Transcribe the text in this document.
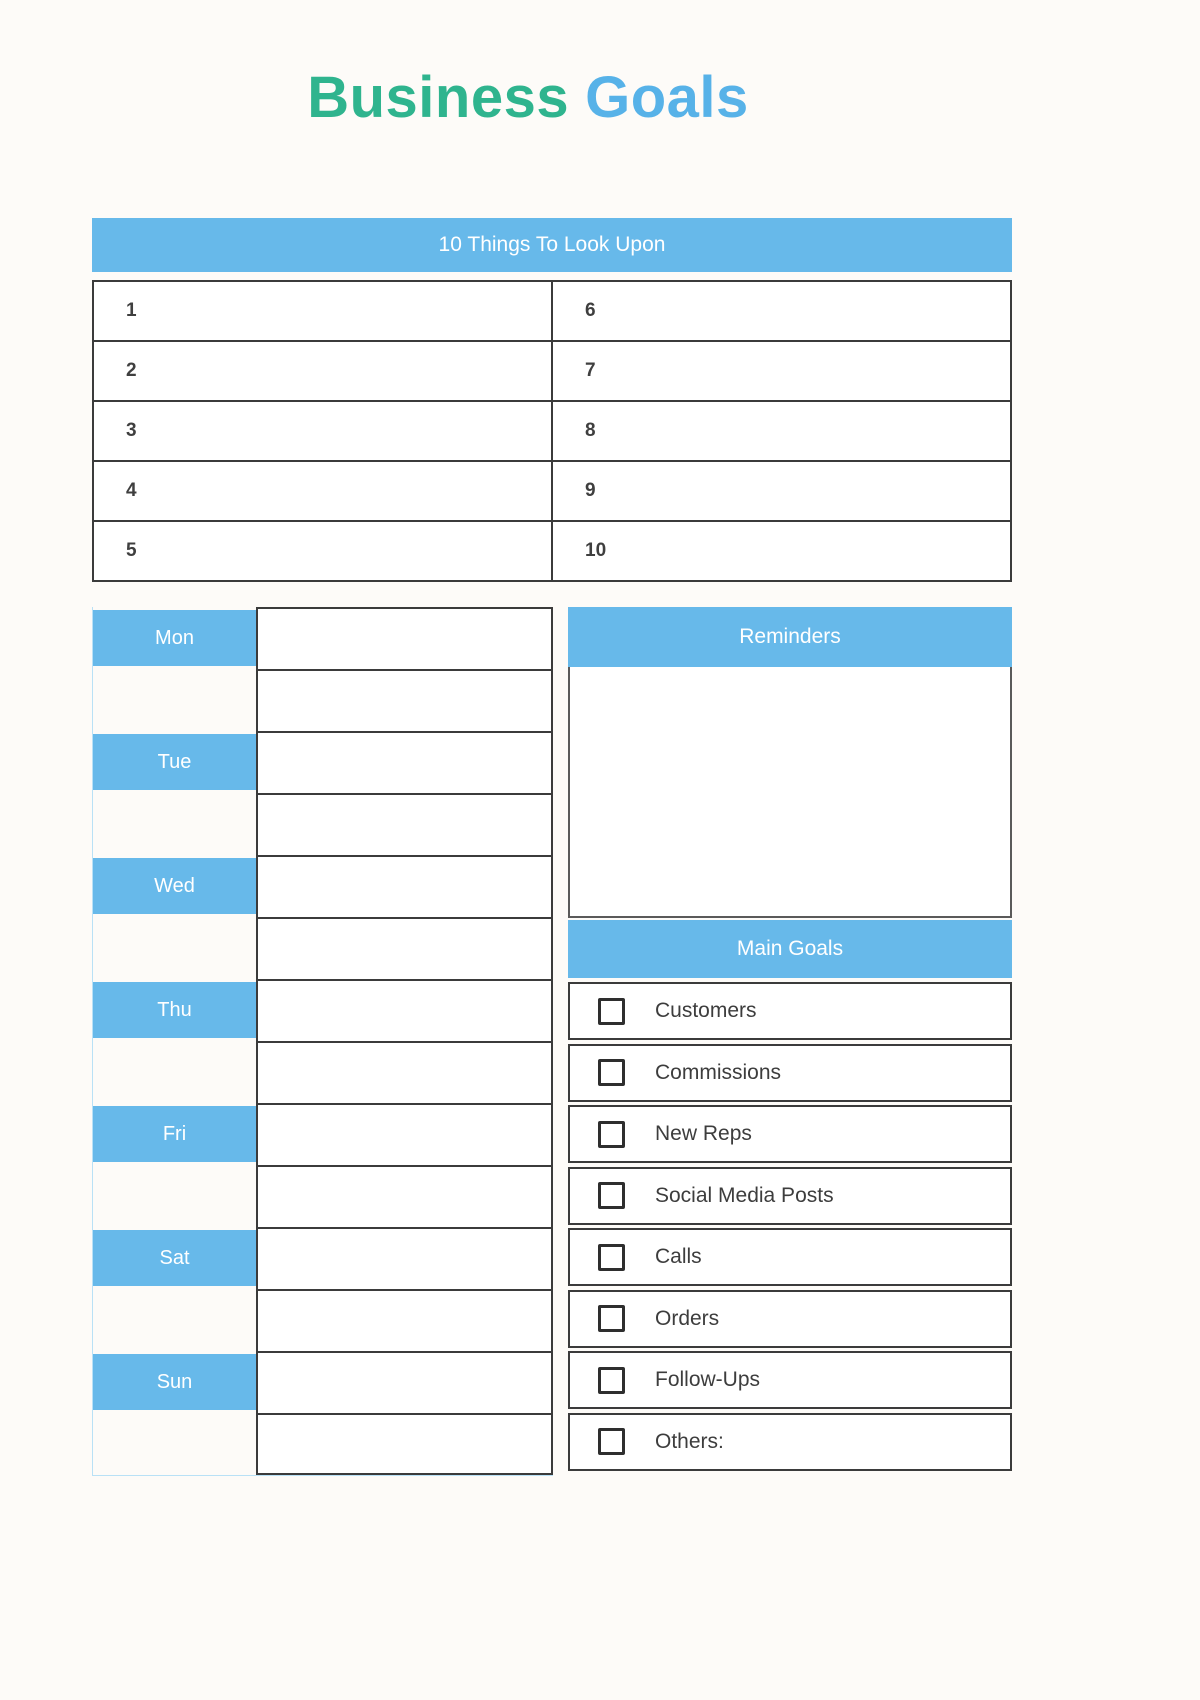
Business Goals
10 Things To Look Upon
1
2
3
4
5
6
7
8
9
10
Mon
Tue
Wed
Thu
Fri
Sat
Sun
Reminders
Main Goals
Customers
Commissions
New Reps
Social Media Posts
Calls
Orders
Follow-Ups
Others:
